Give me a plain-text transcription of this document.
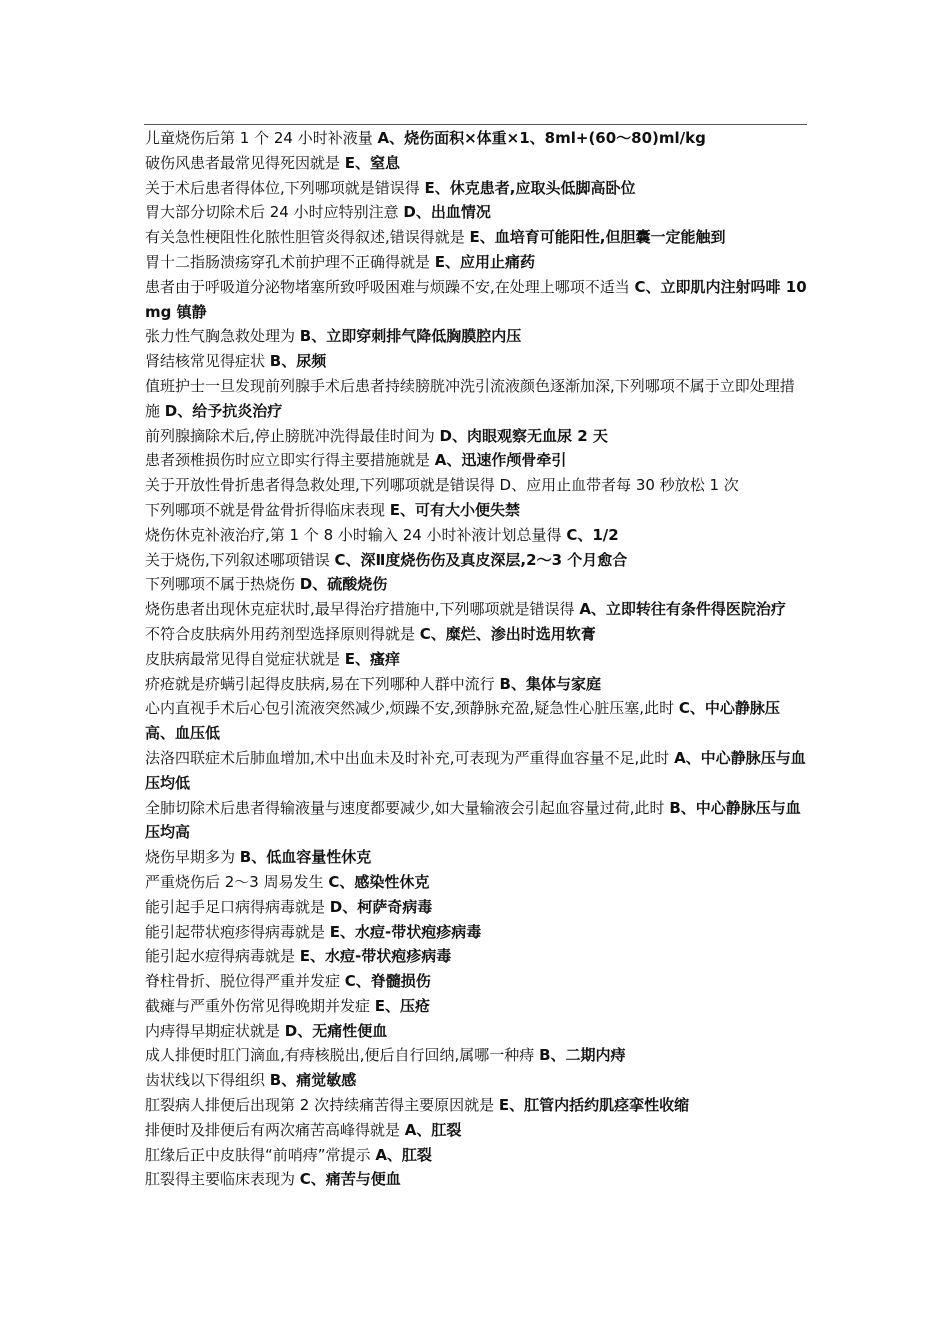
儿童烧伤后第 1 个 24 小时补液量 A、烧伤面积×体重×1、8ml+(60～80)ml/kg
破伤风患者最常见得死因就是 E、窒息
关于术后患者得体位,下列哪项就是错误得 E、休克患者,应取头低脚高卧位
胃大部分切除术后 24 小时应特别注意 D、出血情况
有关急性梗阻性化脓性胆管炎得叙述,错误得就是 E、血培育可能阳性,但胆囊一定能触到
胃十二指肠溃疡穿孔术前护理不正确得就是 E、应用止痛药
患者由于呼吸道分泌物堵塞所致呼吸困难与烦躁不安,在处理上哪项不适当 C、立即肌内注射吗啡 10mg 镇静
张力性气胸急救处理为 B、立即穿刺排气降低胸膜腔内压
肾结核常见得症状 B、尿频
值班护士一旦发现前列腺手术后患者持续膀胱冲洗引流液颜色逐渐加深,下列哪项不属于立即处理措施 D、给予抗炎治疗
前列腺摘除术后,停止膀胱冲洗得最佳时间为 D、肉眼观察无血尿 2 天
患者颈椎损伤时应立即实行得主要措施就是 A、迅速作颅骨牵引
关于开放性骨折患者得急救处理,下列哪项就是错误得 D、应用止血带者每 30 秒放松 1 次
下列哪项不就是骨盆骨折得临床表现 E、可有大小便失禁
烧伤休克补液治疗,第 1 个 8 小时输入 24 小时补液计划总量得 C、1/2
关于烧伤,下列叙述哪项错误 C、深Ⅱ度烧伤伤及真皮深层,2～3 个月愈合
下列哪项不属于热烧伤 D、硫酸烧伤
烧伤患者出现休克症状时,最早得治疗措施中,下列哪项就是错误得 A、立即转往有条件得医院治疗
不符合皮肤病外用药剂型选择原则得就是 C、糜烂、渗出时选用软膏
皮肤病最常见得自觉症状就是 E、瘙痒
疥疮就是疥螨引起得皮肤病,易在下列哪种人群中流行 B、集体与家庭
心内直视手术后心包引流液突然减少,烦躁不安,颈静脉充盈,疑急性心脏压塞,此时 C、中心静脉压高、血压低
法洛四联症术后肺血增加,术中出血未及时补充,可表现为严重得血容量不足,此时 A、中心静脉压与血压均低
全肺切除术后患者得输液量与速度都要减少,如大量输液会引起血容量过荷,此时 B、中心静脉压与血压均高
烧伤早期多为 B、低血容量性休克
严重烧伤后 2～3 周易发生 C、感染性休克
能引起手足口病得病毒就是 D、柯萨奇病毒
能引起带状疱疹得病毒就是 E、水痘-带状疱疹病毒
能引起水痘得病毒就是 E、水痘-带状疱疹病毒
脊柱骨折、脱位得严重并发症 C、脊髓损伤
截瘫与严重外伤常见得晚期并发症 E、压疮
内痔得早期症状就是 D、无痛性便血
成人排便时肛门滴血,有痔核脱出,便后自行回纳,属哪一种痔 B、二期内痔
齿状线以下得组织 B、痛觉敏感
肛裂病人排便后出现第 2 次持续痛苦得主要原因就是 E、肛管内括约肌痉挛性收缩
排便时及排便后有两次痛苦高峰得就是 A、肛裂
肛缘后正中皮肤得“前哨痔”常提示 A、肛裂
肛裂得主要临床表现为 C、痛苦与便血
